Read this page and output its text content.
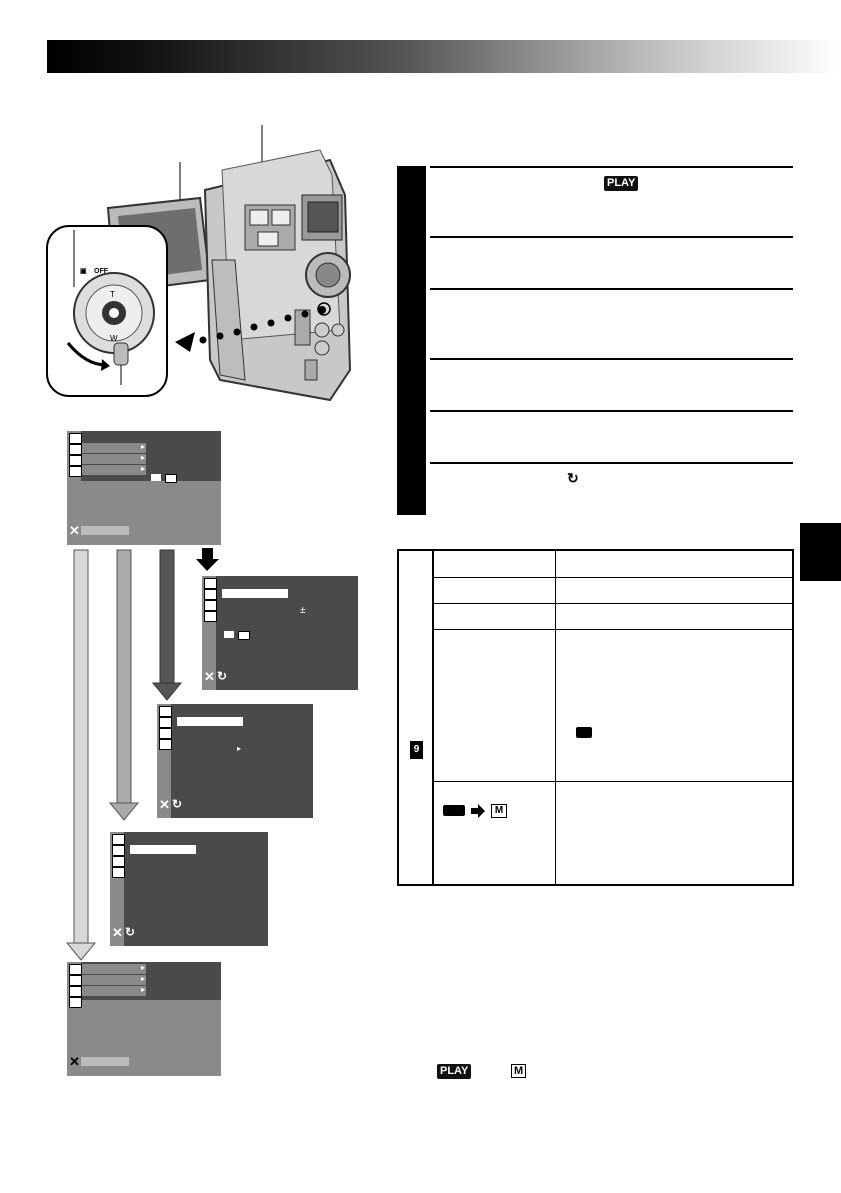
▣ OFF
T
W
PLAY
↻
▸
▸
▸
✕
±
✕ ↻
▸
✕ ↻
✕ ↻
▸
▸
▸
✕
9
M
PLAY	M
